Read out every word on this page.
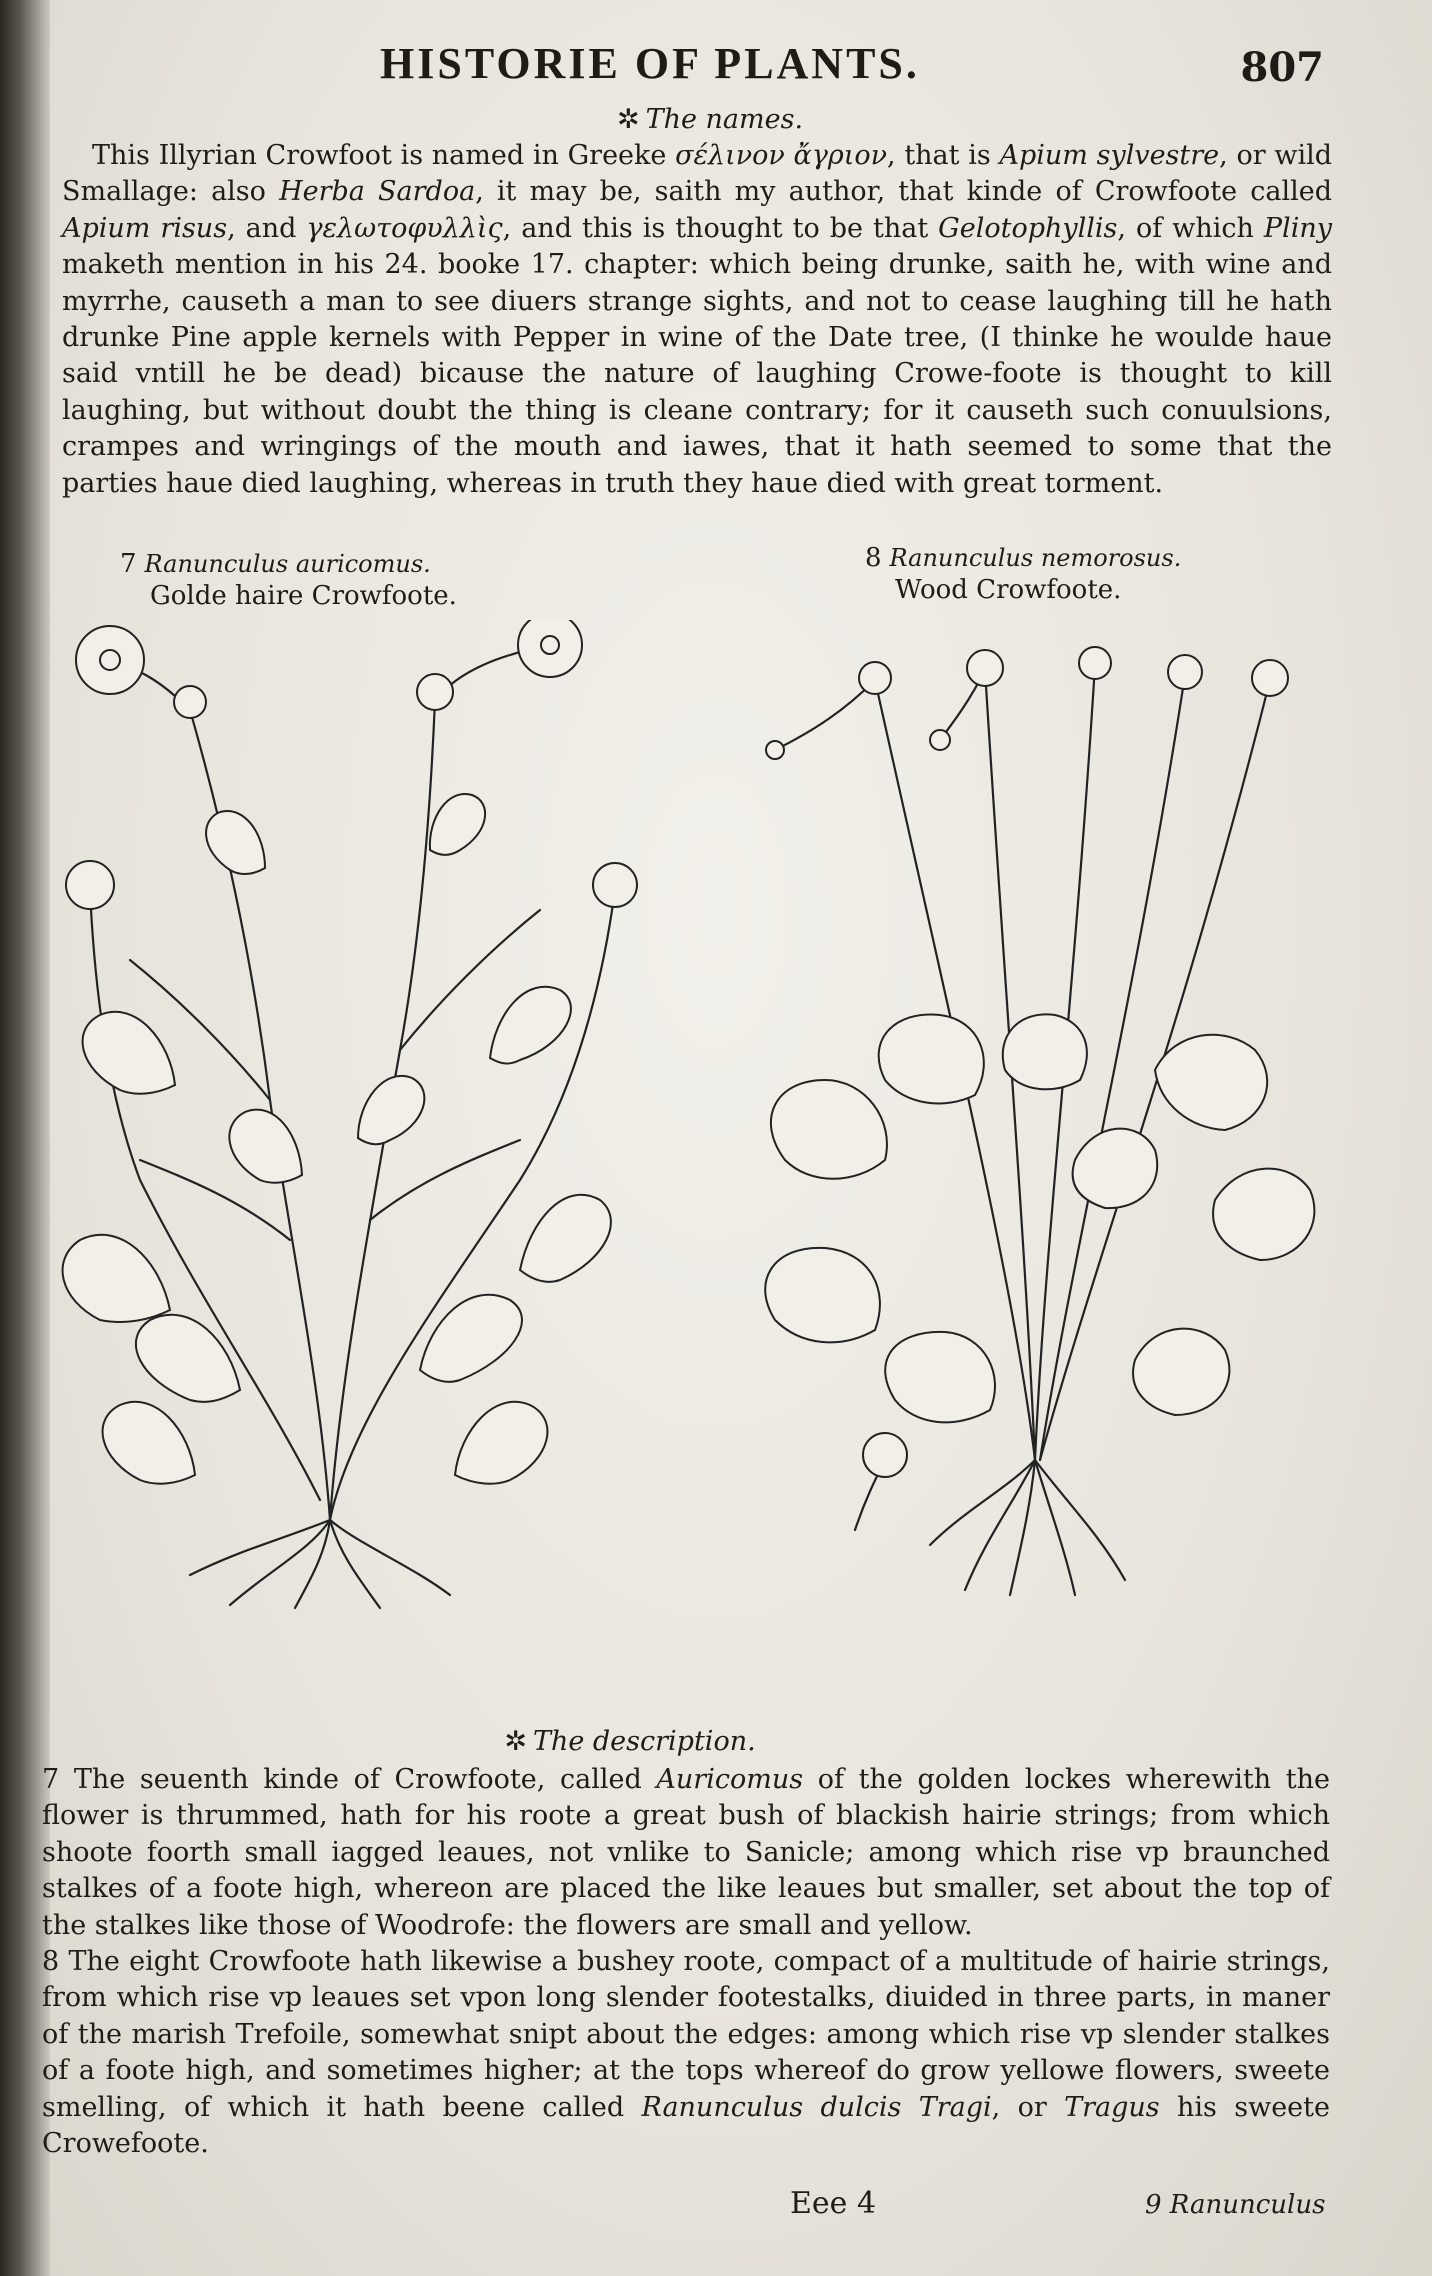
HISTORIE OF PLANTS.	807
✲ The names.

This Illyrian Crowfoot is named in Greeke σέλινον ἄγριον, that is Apium sylvestre, or wild Smallage: also Herba Sardoa, it may be, saith my author, that kinde of Crowfoote called Apium risus, and γελωτοφυλλὶς, and this is thought to be that Gelotophyllis, of which Pliny maketh mention in his 24. booke 17. chapter: which being drunke, saith he, with wine and myrrhe, causeth a man to see diuers strange sights, and not to cease laughing till he hath drunke Pine apple kernels with Pepper in wine of the Date tree, (I thinke he woulde haue said vntill he be dead) bicause the nature of laughing Crowe-foote is thought to kill laughing, but without doubt the thing is cleane contrary; for it causeth such conuulsions, crampes and wringings of the mouth and iawes, that it hath seemed to some that the parties haue died laughing, whereas in truth they haue died with great torment.

7 Ranunculus auricomus.
Golde haire Crowfoote.
8 Ranunculus nemorosus.
Wood Crowfoote.
✲ The description.

7 The seuenth kinde of Crowfoote, called Auricomus of the golden lockes wherewith the flower is thrummed, hath for his roote a great bush of blackish hairie strings; from which shoote foorth small iagged leaues, not vnlike to Sanicle; among which rise vp braunched stalkes of a foote high, whereon are placed the like leaues but smaller, set about the top of the stalkes like those of Woodrofe: the flowers are small and yellow.

8 The eight Crowfoote hath likewise a bushey roote, compact of a multitude of hairie strings, from which rise vp leaues set vpon long slender footestalks, diuided in three parts, in maner of the marish Trefoile, somewhat snipt about the edges: among which rise vp slender stalkes of a foote high, and sometimes higher; at the tops whereof do grow yellowe flowers, sweete smelling, of which it hath beene called Ranunculus dulcis Tragi, or Tragus his sweete Crowefoote.

Eee 4	9 Ranunculus
